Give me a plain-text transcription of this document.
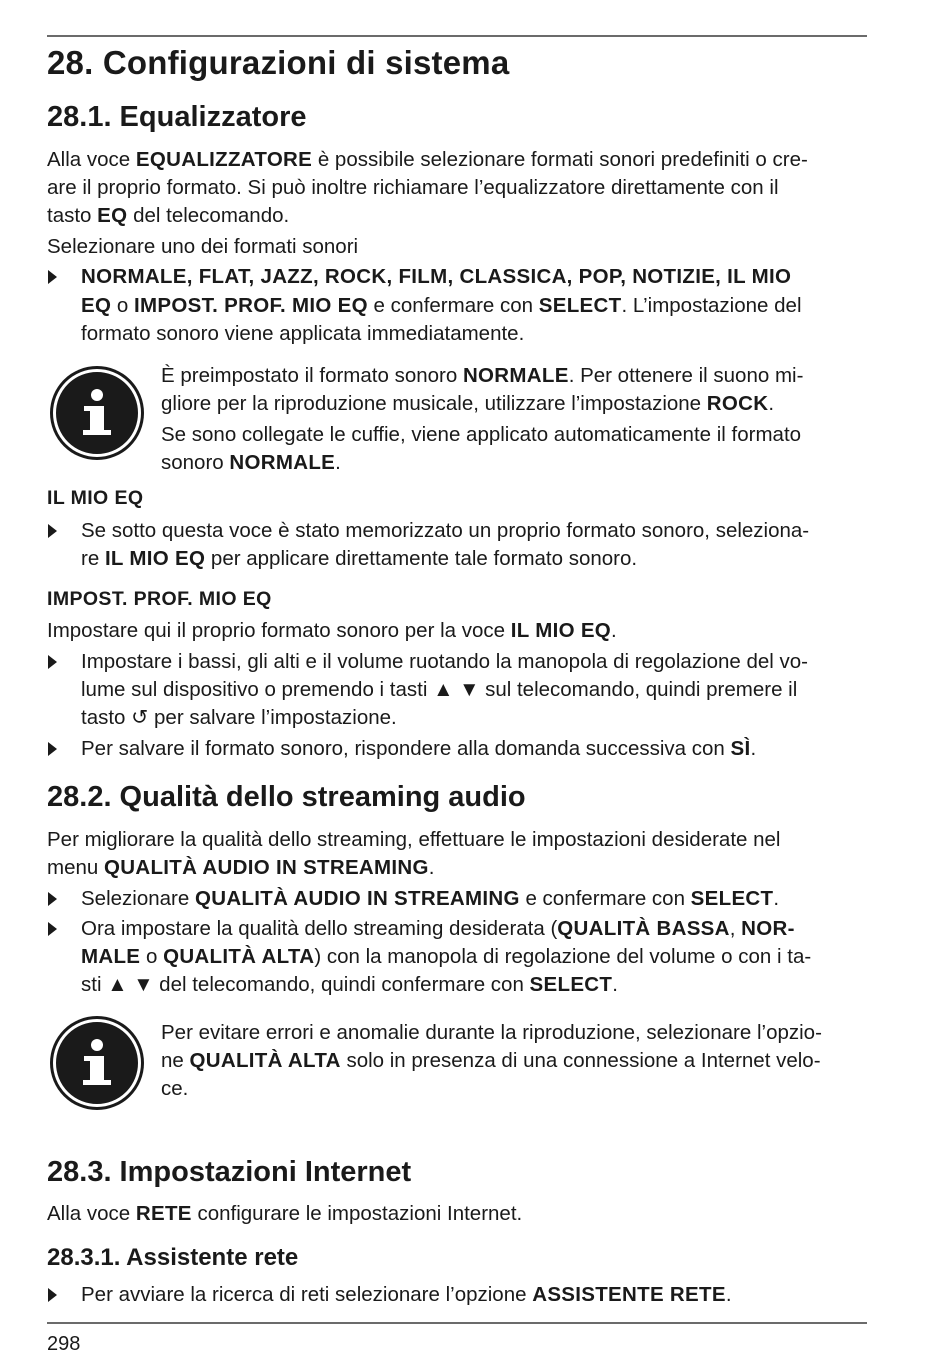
28. Configurazioni di sistema
28.1. Equalizzatore
Alla voce EQUALIZZATORE è possibile selezionare formati sonori predefiniti o cre-
are il proprio formato. Si può inoltre richiamare l’equalizzatore direttamente con il
tasto EQ del telecomando.
Selezionare uno dei formati sonori
NORMALE, FLAT, JAZZ, ROCK, FILM, CLASSICA, POP, NOTIZIE, IL MIO
EQ o IMPOST. PROF. MIO EQ e confermare con SELECT. L’impostazione del
formato sonoro viene applicata immediatamente.
È preimpostato il formato sonoro NORMALE. Per ottenere il suono mi-
gliore per la riproduzione musicale, utilizzare l’impostazione ROCK.
Se sono collegate le cuffie, viene applicato automaticamente il formato
sonoro NORMALE.
IL MIO EQ
Se sotto questa voce è stato memorizzato un proprio formato sonoro, seleziona-
re IL MIO EQ per applicare direttamente tale formato sonoro.
IMPOST. PROF. MIO EQ
Impostare qui il proprio formato sonoro per la voce IL MIO EQ.
Impostare i bassi, gli alti e il volume ruotando la manopola di regolazione del vo-
lume sul dispositivo o premendo i tasti ▲ ▼ sul telecomando, quindi premere il
tasto ↺ per salvare l’impostazione.
Per salvare il formato sonoro, rispondere alla domanda successiva con SÌ.
28.2. Qualità dello streaming audio
Per migliorare la qualità dello streaming, effettuare le impostazioni desiderate nel
menu QUALITÀ AUDIO IN STREAMING.
Selezionare QUALITÀ AUDIO IN STREAMING e confermare con SELECT.
Ora impostare la qualità dello streaming desiderata (QUALITÀ BASSA, NOR-
MALE o QUALITÀ ALTA) con la manopola di regolazione del volume o con i ta-
sti ▲ ▼ del telecomando, quindi confermare con SELECT.
Per evitare errori e anomalie durante la riproduzione, selezionare l’opzio-
ne QUALITÀ ALTA solo in presenza di una connessione a Internet velo-
ce.
28.3. Impostazioni Internet
Alla voce RETE configurare le impostazioni Internet.
28.3.1. Assistente rete
Per avviare la ricerca di reti selezionare l’opzione ASSISTENTE RETE.
298
